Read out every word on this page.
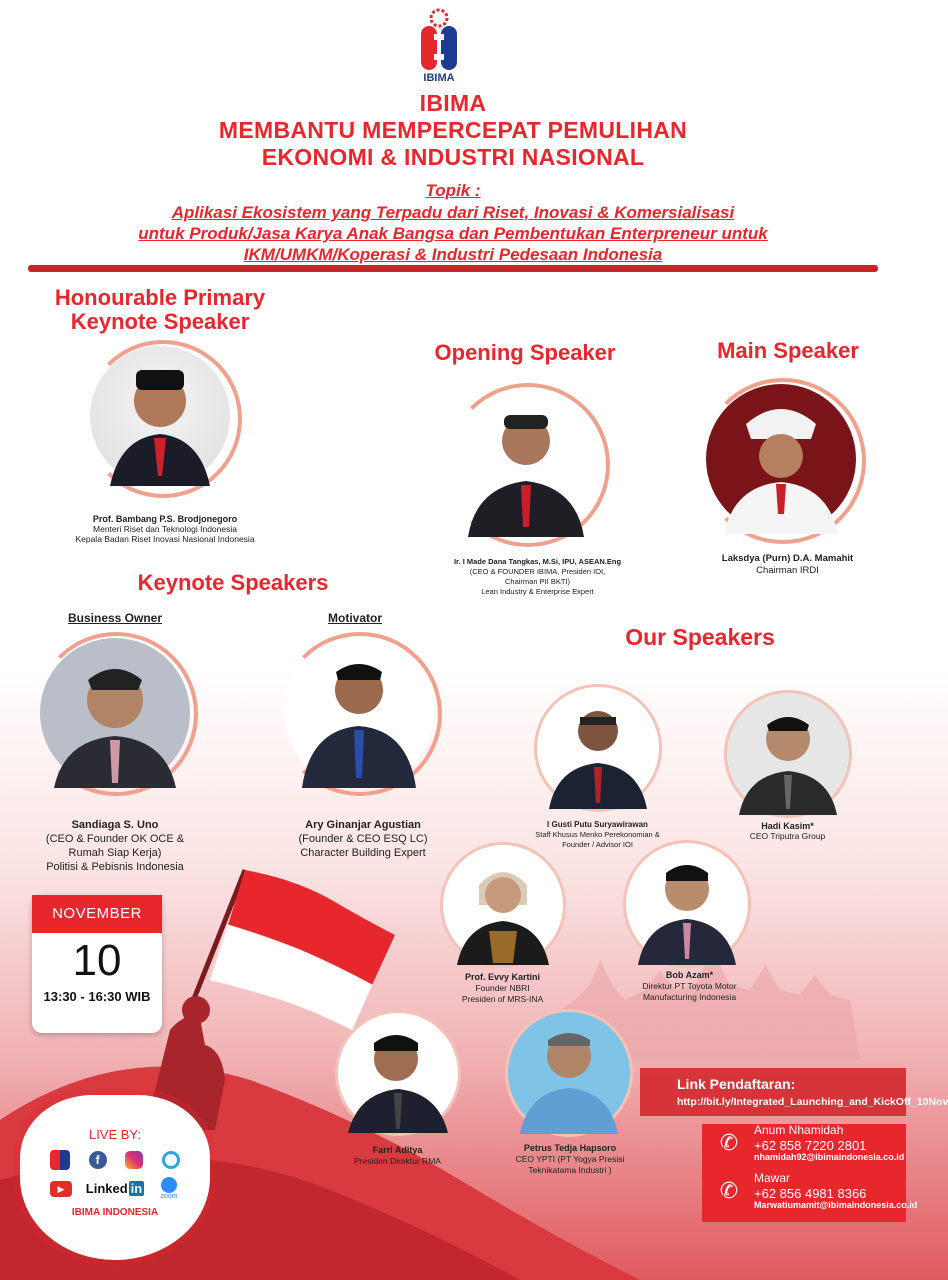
IBIMA
IBIMA
MEMBANTU MEMPERCEPAT PEMULIHAN
EKONOMI & INDUSTRI NASIONAL
Topik :
Aplikasi Ekosistem yang Terpadu dari Riset, Inovasi & Komersialisasi
untuk Produk/Jasa Karya Anak Bangsa dan Pembentukan Enterpreneur untuk
IKM/UMKM/Koperasi & Industri Pedesaan Indonesia
Honourable Primary
Keynote Speaker
Prof. Bambang P.S. Brodjonegoro
Menteri Riset dan Teknologi Indonesia
Kepala Badan Riset Inovasi Nasional Indonesia
Opening Speaker
Ir. I Made Dana Tangkas, M.Si, IPU, ASEAN.Eng
(CEO & FOUNDER IBIMA, Presiden IOI,
Chairman PII BKTI)
Lean Industry & Enterprise Expert
Main Speaker
Laksdya (Purn) D.A. Mamahit
Chairman IRDI
Keynote Speakers
Business Owner
Sandiaga S. Uno
(CEO & Founder OK OCE &
Rumah Siap Kerja)
Politisi & Pebisnis Indonesia
Motivator
Ary Ginanjar Agustian
(Founder & CEO ESQ LC)
Character Building Expert
Our Speakers
I Gusti Putu Suryawirawan
Staff Khusus Menko Perekonomian &
Founder / Advisor IOI
Hadi Kasim*
CEO Triputra Group
Prof. Evvy Kartini
Founder NBRI
Presiden of MRS-INA
Bob Azam*
Direktur PT Toyota Motor
Manufacturing Indonesia
Farri Aditya
Presiden Direktur RMA
Petrus Tedja Hapsoro
CEO YPTI (PT Yogya Presisi
Teknikatama Industri )
NOVEMBER
10
13:30 - 16:30 WIB
LIVE BY:
f
▶	Linked in
zoom
IBIMA INDONESIA
Link Pendaftaran:
http://bit.ly/Integrated_Launching_and_KickOff_10Nov
✆	Anum Nhamidah
+62 858 7220 2801
nhamidah92@ibimaindonesia.co.id
✆	Mawar
+62 856 4981 8366
Marwatiumamit@ibimaindonesia.co.id
